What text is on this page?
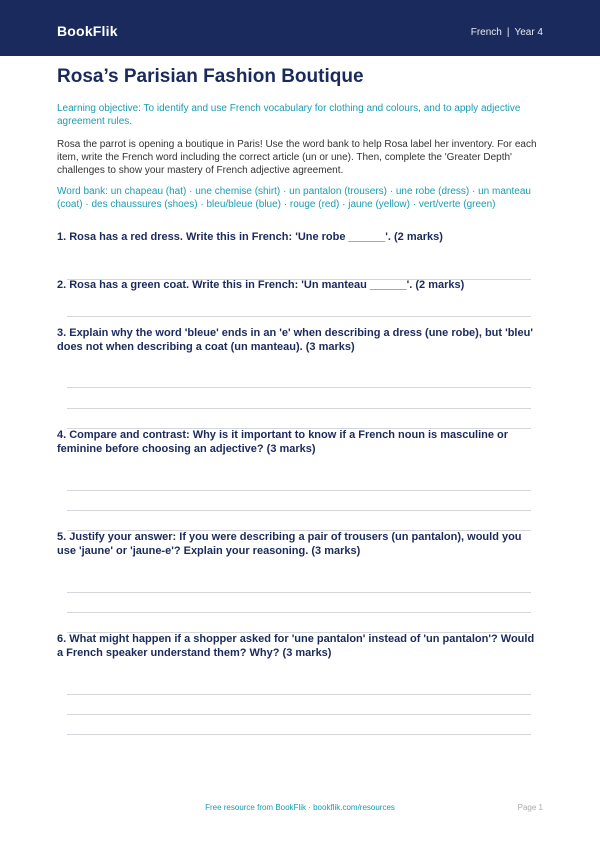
BookFlik	French | Year 4
Rosa’s Parisian Fashion Boutique

Learning objective: To identify and use French vocabulary for clothing and colours, and to apply adjective agreement rules.

Rosa the parrot is opening a boutique in Paris! Use the word bank to help Rosa label her inventory. For each item, write the French word including the correct article (un or une). Then, complete the 'Greater Depth' challenges to show your mastery of French adjective agreement.

Word bank: un chapeau (hat) · une chemise (shirt) · un pantalon (trousers) · une robe (dress) · un manteau (coat) · des chaussures (shoes) · bleu/bleue (blue) · rouge (red) · jaune (yellow) · vert/verte (green)

1. Rosa has a red dress. Write this in French: 'Une robe ______'. (2 marks)
2. Rosa has a green coat. Write this in French: 'Un manteau ______'. (2 marks)
3. Explain why the word 'bleue' ends in an 'e' when describing a dress (une robe), but 'bleu' does not when describing a coat (un manteau). (3 marks)
4. Compare and contrast: Why is it important to know if a French noun is masculine or feminine before choosing an adjective? (3 marks)
5. Justify your answer: If you were describing a pair of trousers (un pantalon), would you use 'jaune' or 'jaune-e'? Explain your reasoning. (3 marks)
6. What might happen if a shopper asked for 'une pantalon' instead of 'un pantalon'? Would a French speaker understand them? Why? (3 marks)
Free resource from BookFlik · bookflik.com/resources	Page 1
